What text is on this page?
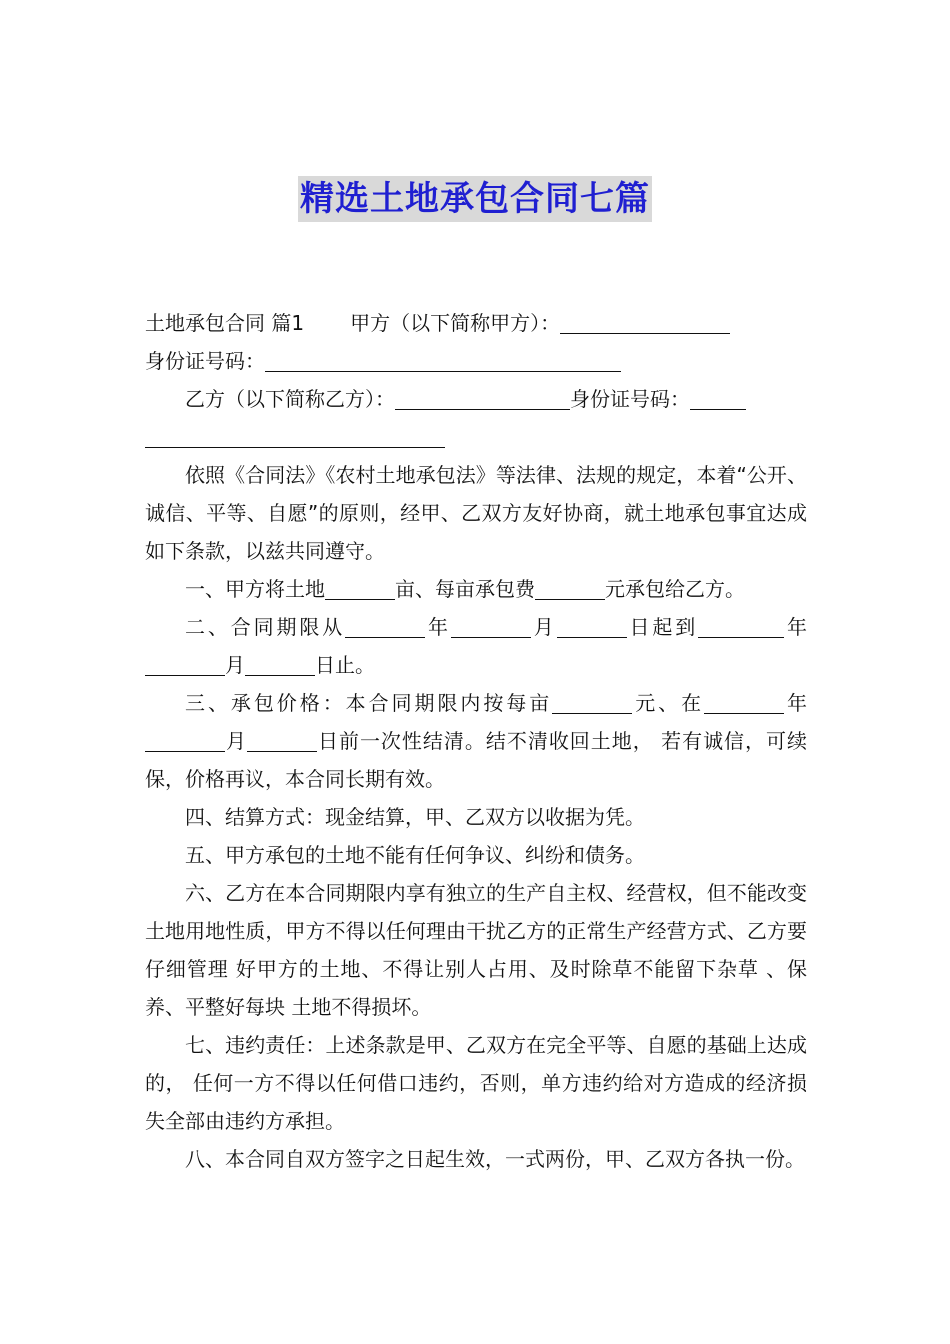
精选土地承包合同七篇
土地承包合同 篇1 甲方（以下简称甲方）：
身份证号码：
乙方（以下简称乙方）：	身份证号码：
依照《合同法》《农村土地承包法》等法律、法规的规定，本着“公开、诚信、平等、自愿”的原则，经甲、乙双方友好协商，就土地承包事宜达成如下条款，以兹共同遵守。
一、甲方将土地	亩、每亩承包费	元承包给乙方。
二、合同期限从	年	月	日起到	年月	日止。
三、承包价格：本合同期限内按每亩	元、在	年月	日前一次性结清。结不清收回土地， 若有诚信，可续保，价格再议，本合同长期有效。
四、结算方式：现金结算，甲、乙双方以收据为凭。
五、甲方承包的土地不能有任何争议、纠纷和债务。
六、乙方在本合同期限内享有独立的生产自主权、经营权，但不能改变土地用地性质，甲方不得以任何理由干扰乙方的正常生产经营方式、乙方要仔细管理 好甲方的土地、不得让别人占用、及时除草不能留下杂草 、保养、平整好每块 土地不得损坏。
七、违约责任：上述条款是甲、乙双方在完全平等、自愿的基础上达成的， 任何一方不得以任何借口违约，否则，单方违约给对方造成的经济损失全部由违约方承担。
八、本合同自双方签字之日起生效，一式两份，甲、乙双方各执一份。
